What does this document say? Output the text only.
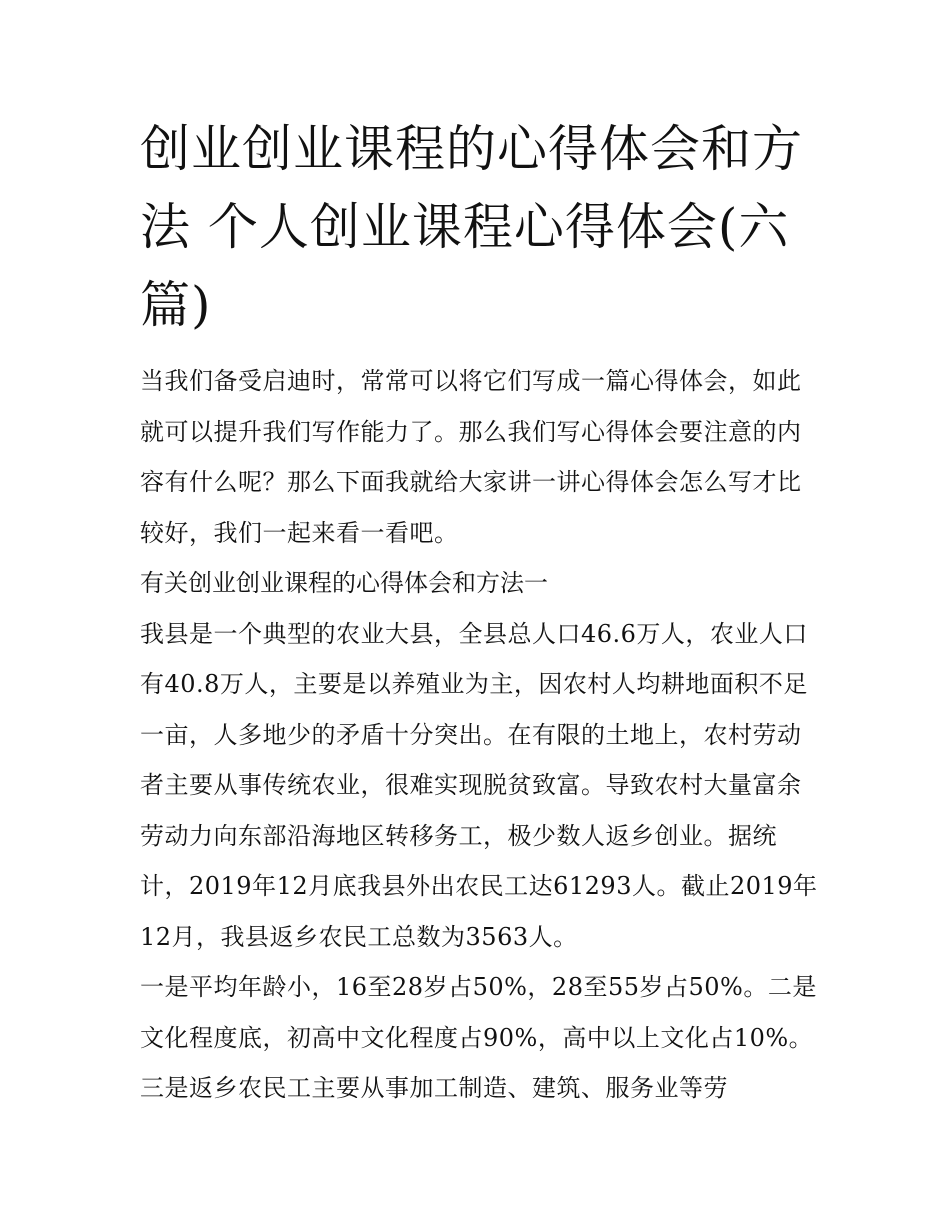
创业创业课程的心得体会和方法 个人创业课程心得体会(六篇)

当我们备受启迪时，常常可以将它们写成一篇心得体会，如此就可以提升我们写作能力了。那么我们写心得体会要注意的内容有什么呢？那么下面我就给大家讲一讲心得体会怎么写才比较好，我们一起来看一看吧。

有关创业创业课程的心得体会和方法一

我县是一个典型的农业大县，全县总人口46.6万人，农业人口有40.8万人，主要是以养殖业为主，因农村人均耕地面积不足一亩，人多地少的矛盾十分突出。在有限的土地上，农村劳动者主要从事传统农业，很难实现脱贫致富。导致农村大量富余劳动力向东部沿海地区转移务工，极少数人返乡创业。据统计，2019年12月底我县外出农民工达61293人。截止2019年12月，我县返乡农民工总数为3563人。

一是平均年龄小，16至28岁占50%，28至55岁占50%。二是文化程度底，初高中文化程度占90%，高中以上文化占10%。三是返乡农民工主要从事加工制造、建筑、服务业等劳
